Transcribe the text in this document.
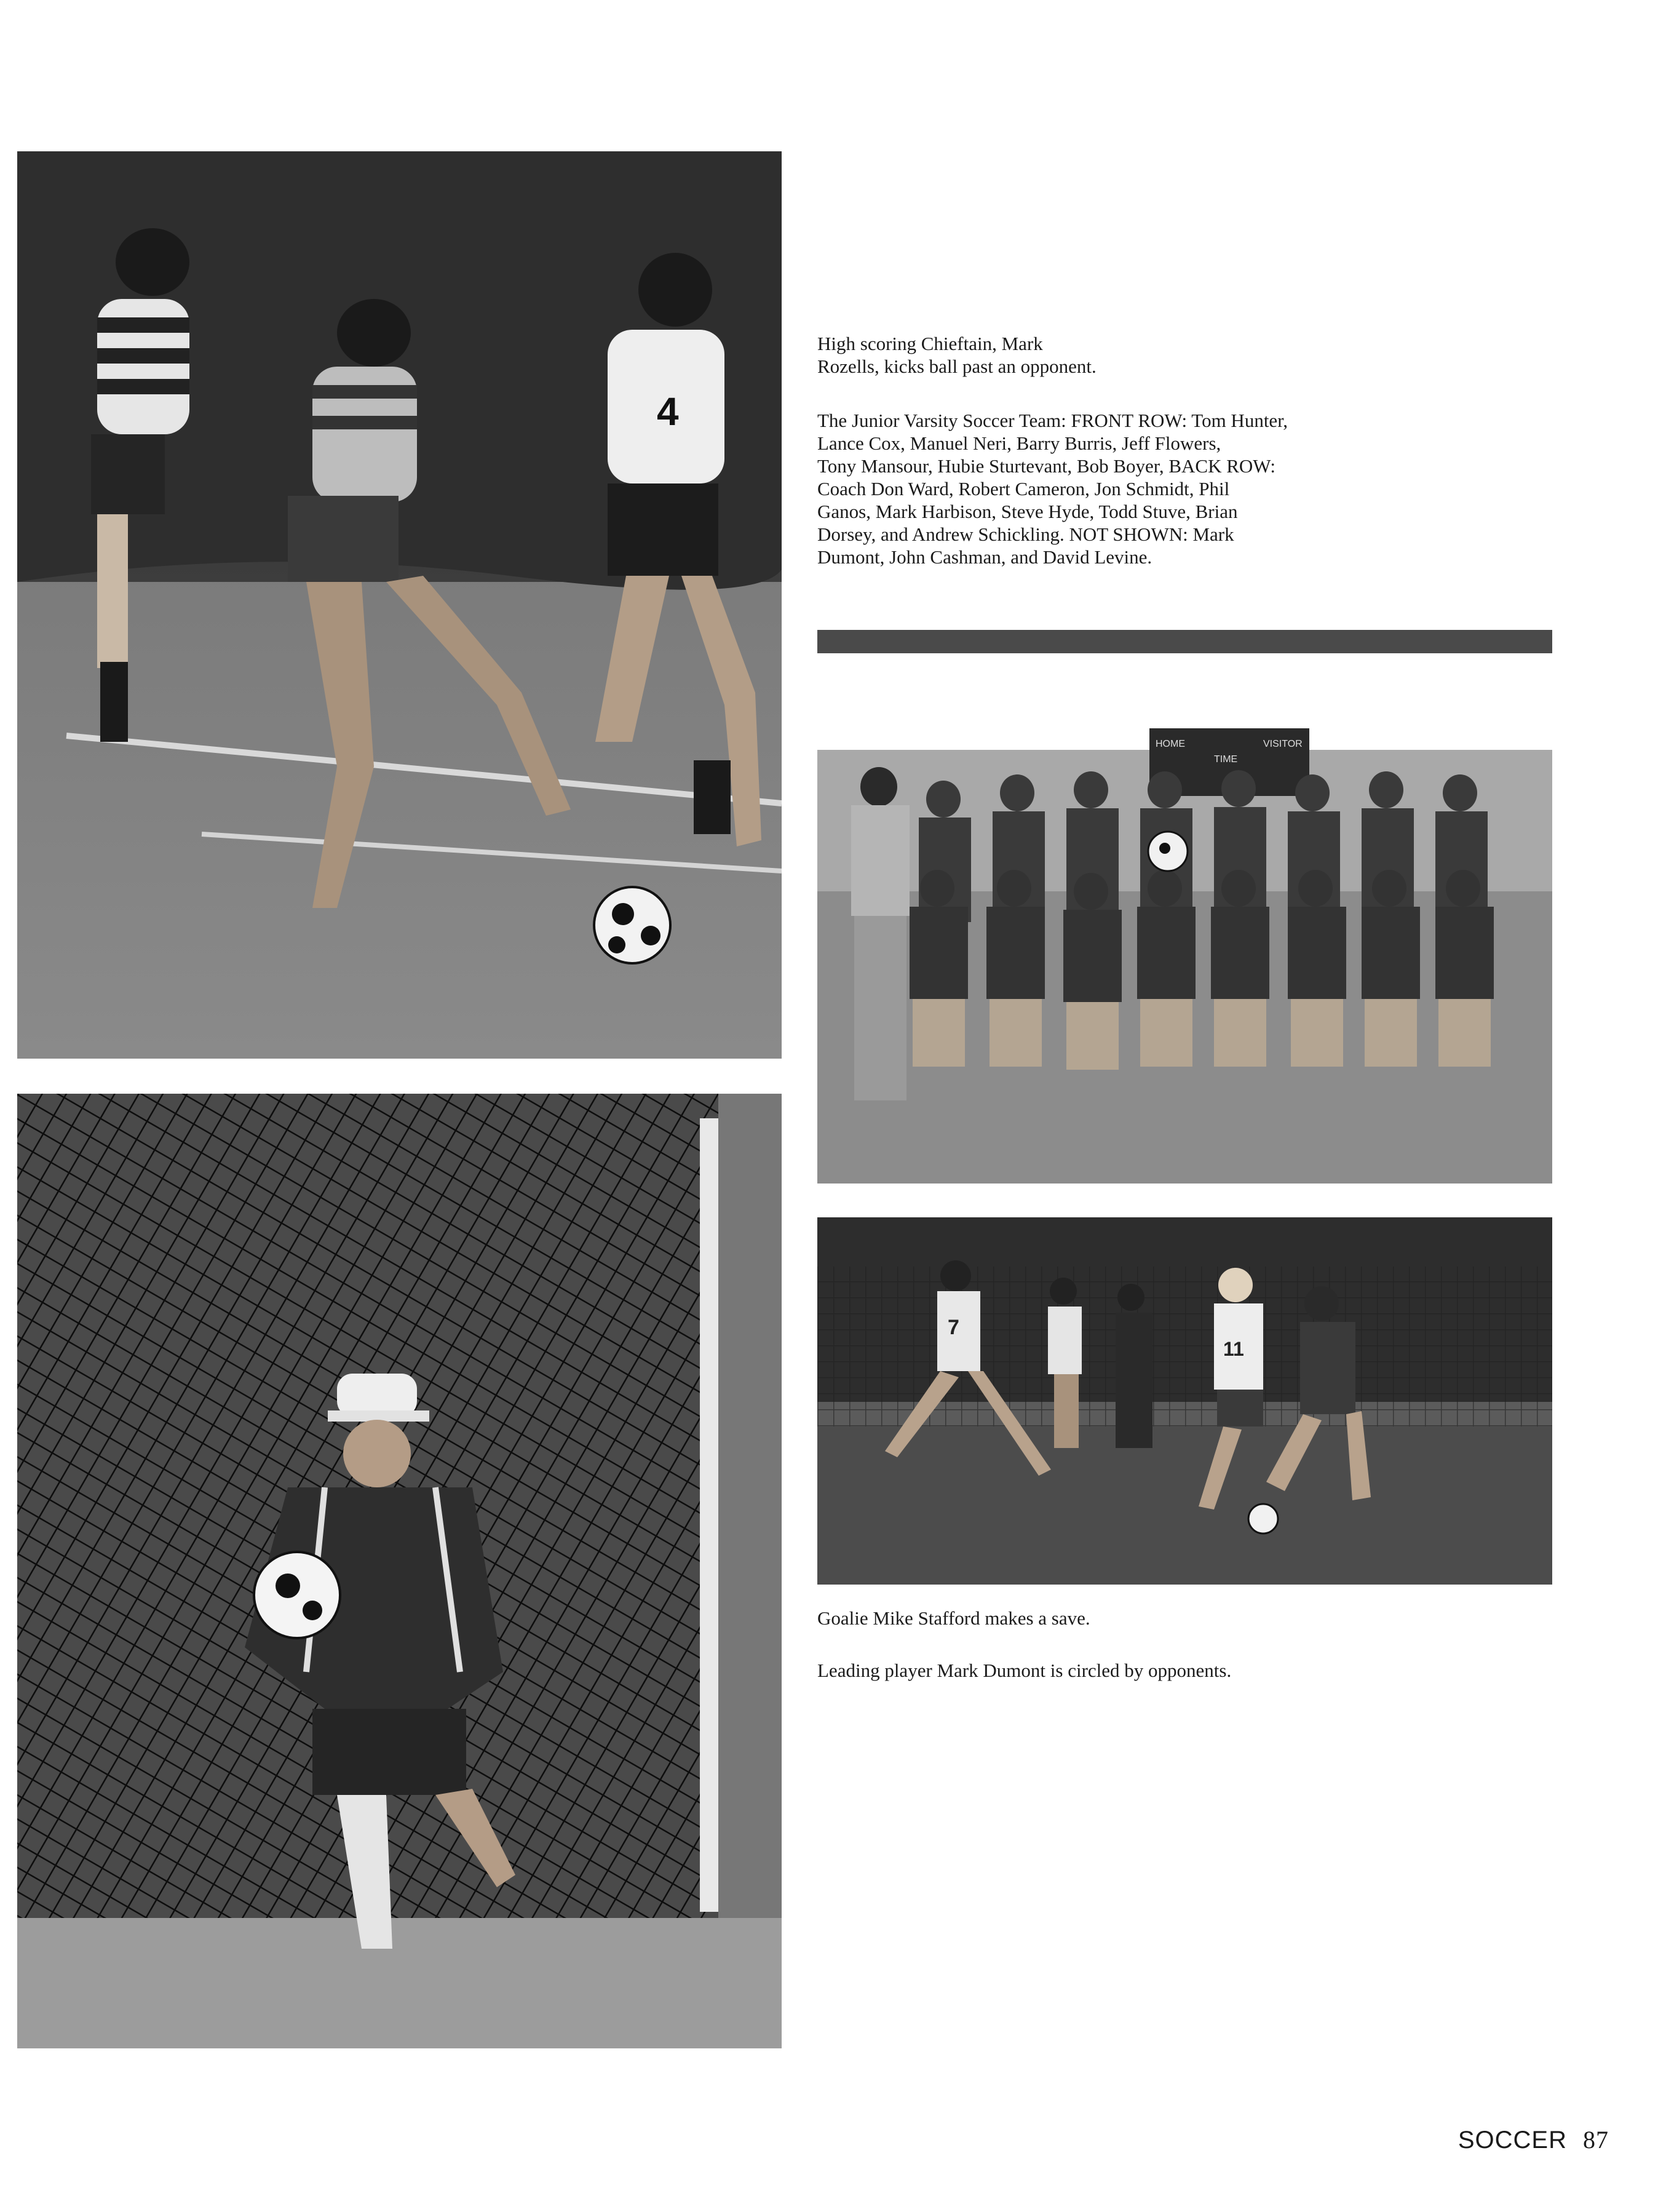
4
HOME
TIME
VISITOR
7
11

High scoring Chieftain, Mark
Rozells, kicks ball past an opponent.

The Junior Varsity Soccer Team: FRONT ROW: Tom Hunter,
Lance Cox, Manuel Neri, Barry Burris, Jeff Flowers,
Tony Mansour, Hubie Sturtevant, Bob Boyer, BACK ROW:
Coach Don Ward, Robert Cameron, Jon Schmidt, Phil
Ganos, Mark Harbison, Steve Hyde, Todd Stuve, Brian
Dorsey, and Andrew Schickling. NOT SHOWN: Mark
Dumont, John Cashman, and David Levine.

Goalie Mike Stafford makes a save.

Leading player Mark Dumont is circled by opponents.

SOCCER 87
